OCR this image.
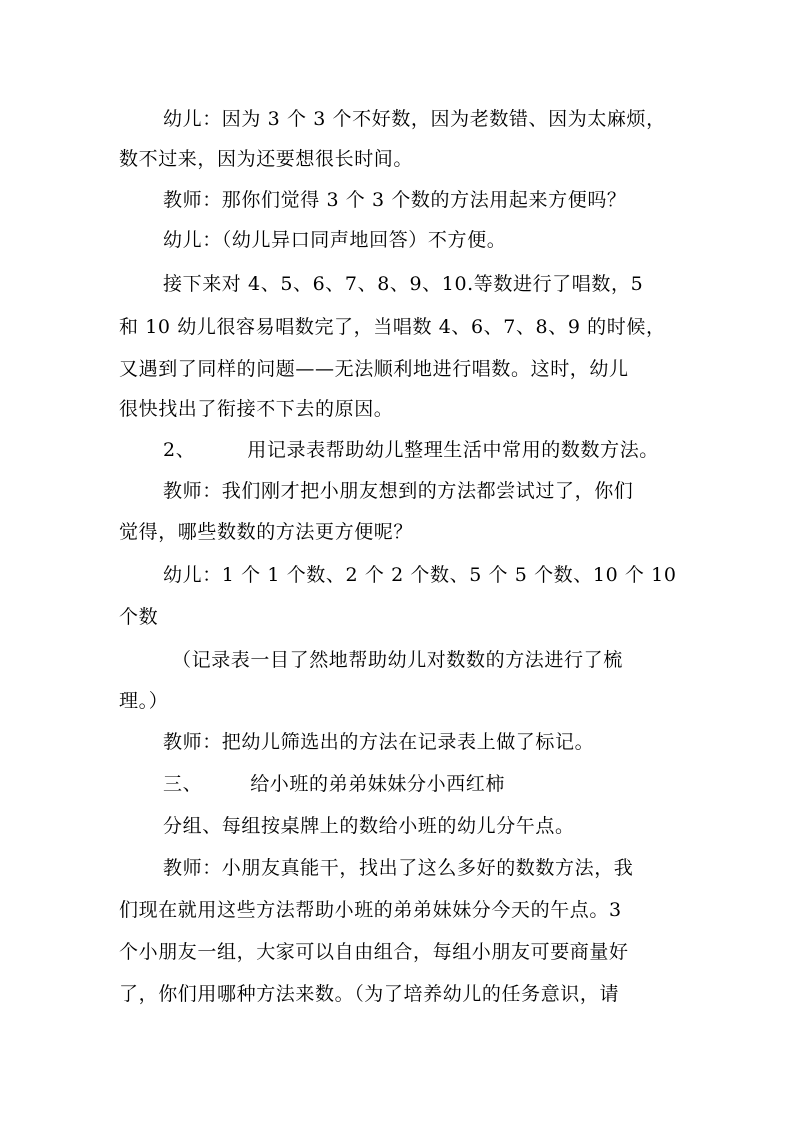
幼儿：因为 3 个 3 个不好数，因为老数错、因为太麻烦，
数不过来，因为还要想很长时间。
教师：那你们觉得 3 个 3 个数的方法用起来方便吗？
幼儿：（幼儿异口同声地回答）不方便。
接下来对 4、5、6、7、8、9、10.等数进行了唱数，5
和 10 幼儿很容易唱数完了，当唱数 4、6、7、8、9 的时候，
又遇到了同样的问题——无法顺利地进行唱数。这时，幼儿
很快找出了衔接不下去的原因。
2、	用记录表帮助幼儿整理生活中常用的数数方法。
教师：我们刚才把小朋友想到的方法都尝试过了，你们
觉得，哪些数数的方法更方便呢？
幼儿：1 个 1 个数、2 个 2 个数、5 个 5 个数、10 个 10
个数
（记录表一目了然地帮助幼儿对数数的方法进行了梳
理。）
教师：把幼儿筛选出的方法在记录表上做了标记。
三、	给小班的弟弟妹妹分小西红柿
分组、每组按桌牌上的数给小班的幼儿分午点。
教师：小朋友真能干，找出了这么多好的数数方法，我
们现在就用这些方法帮助小班的弟弟妹妹分今天的午点。3
个小朋友一组，大家可以自由组合，每组小朋友可要商量好
了，你们用哪种方法来数。（为了培养幼儿的任务意识，请
